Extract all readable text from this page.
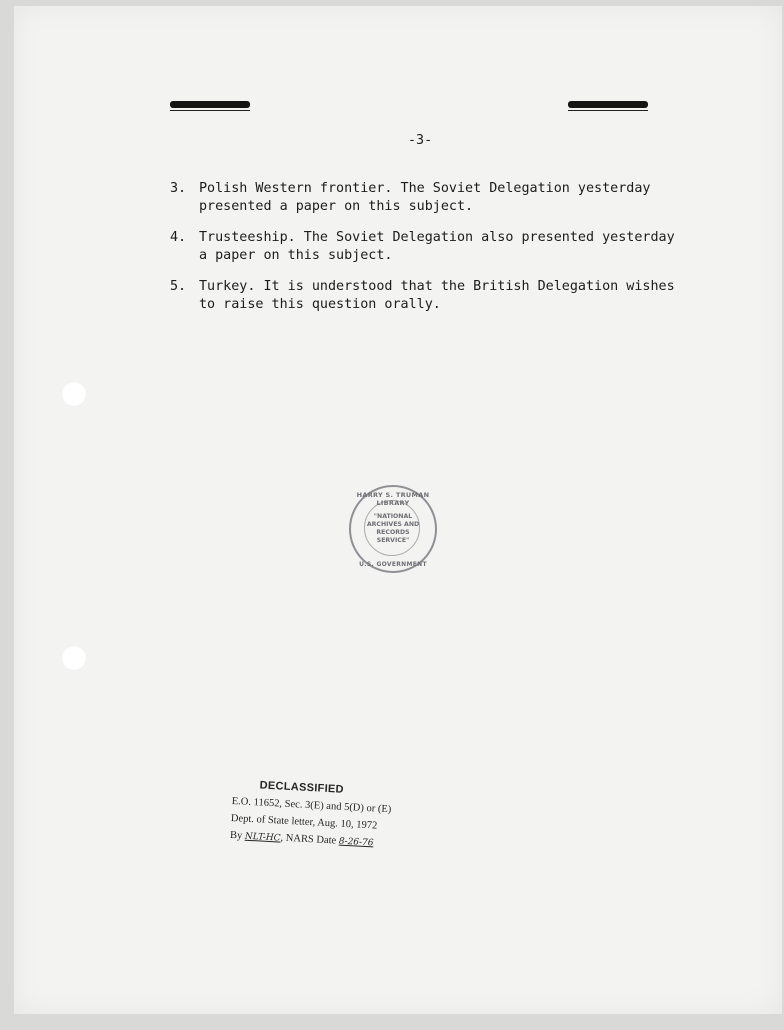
-3-
3. Polish Western frontier. The Soviet Delegation yesterday
presented a paper on this subject.
4. Trusteeship. The Soviet Delegation also presented yesterday
a paper on this subject.
5. Turkey. It is understood that the British Delegation wishes
to raise this question orally.
HARRY S. TRUMAN LIBRARY
"NATIONAL
ARCHIVES AND
RECORDS
SERVICE"
U.S. GOVERNMENT
DECLASSIFIED
E.O. 11652, Sec. 3(E) and 5(D) or (E)
Dept. of State letter, Aug. 10, 1972
By NLT-HC, NARS Date 8-26-76
